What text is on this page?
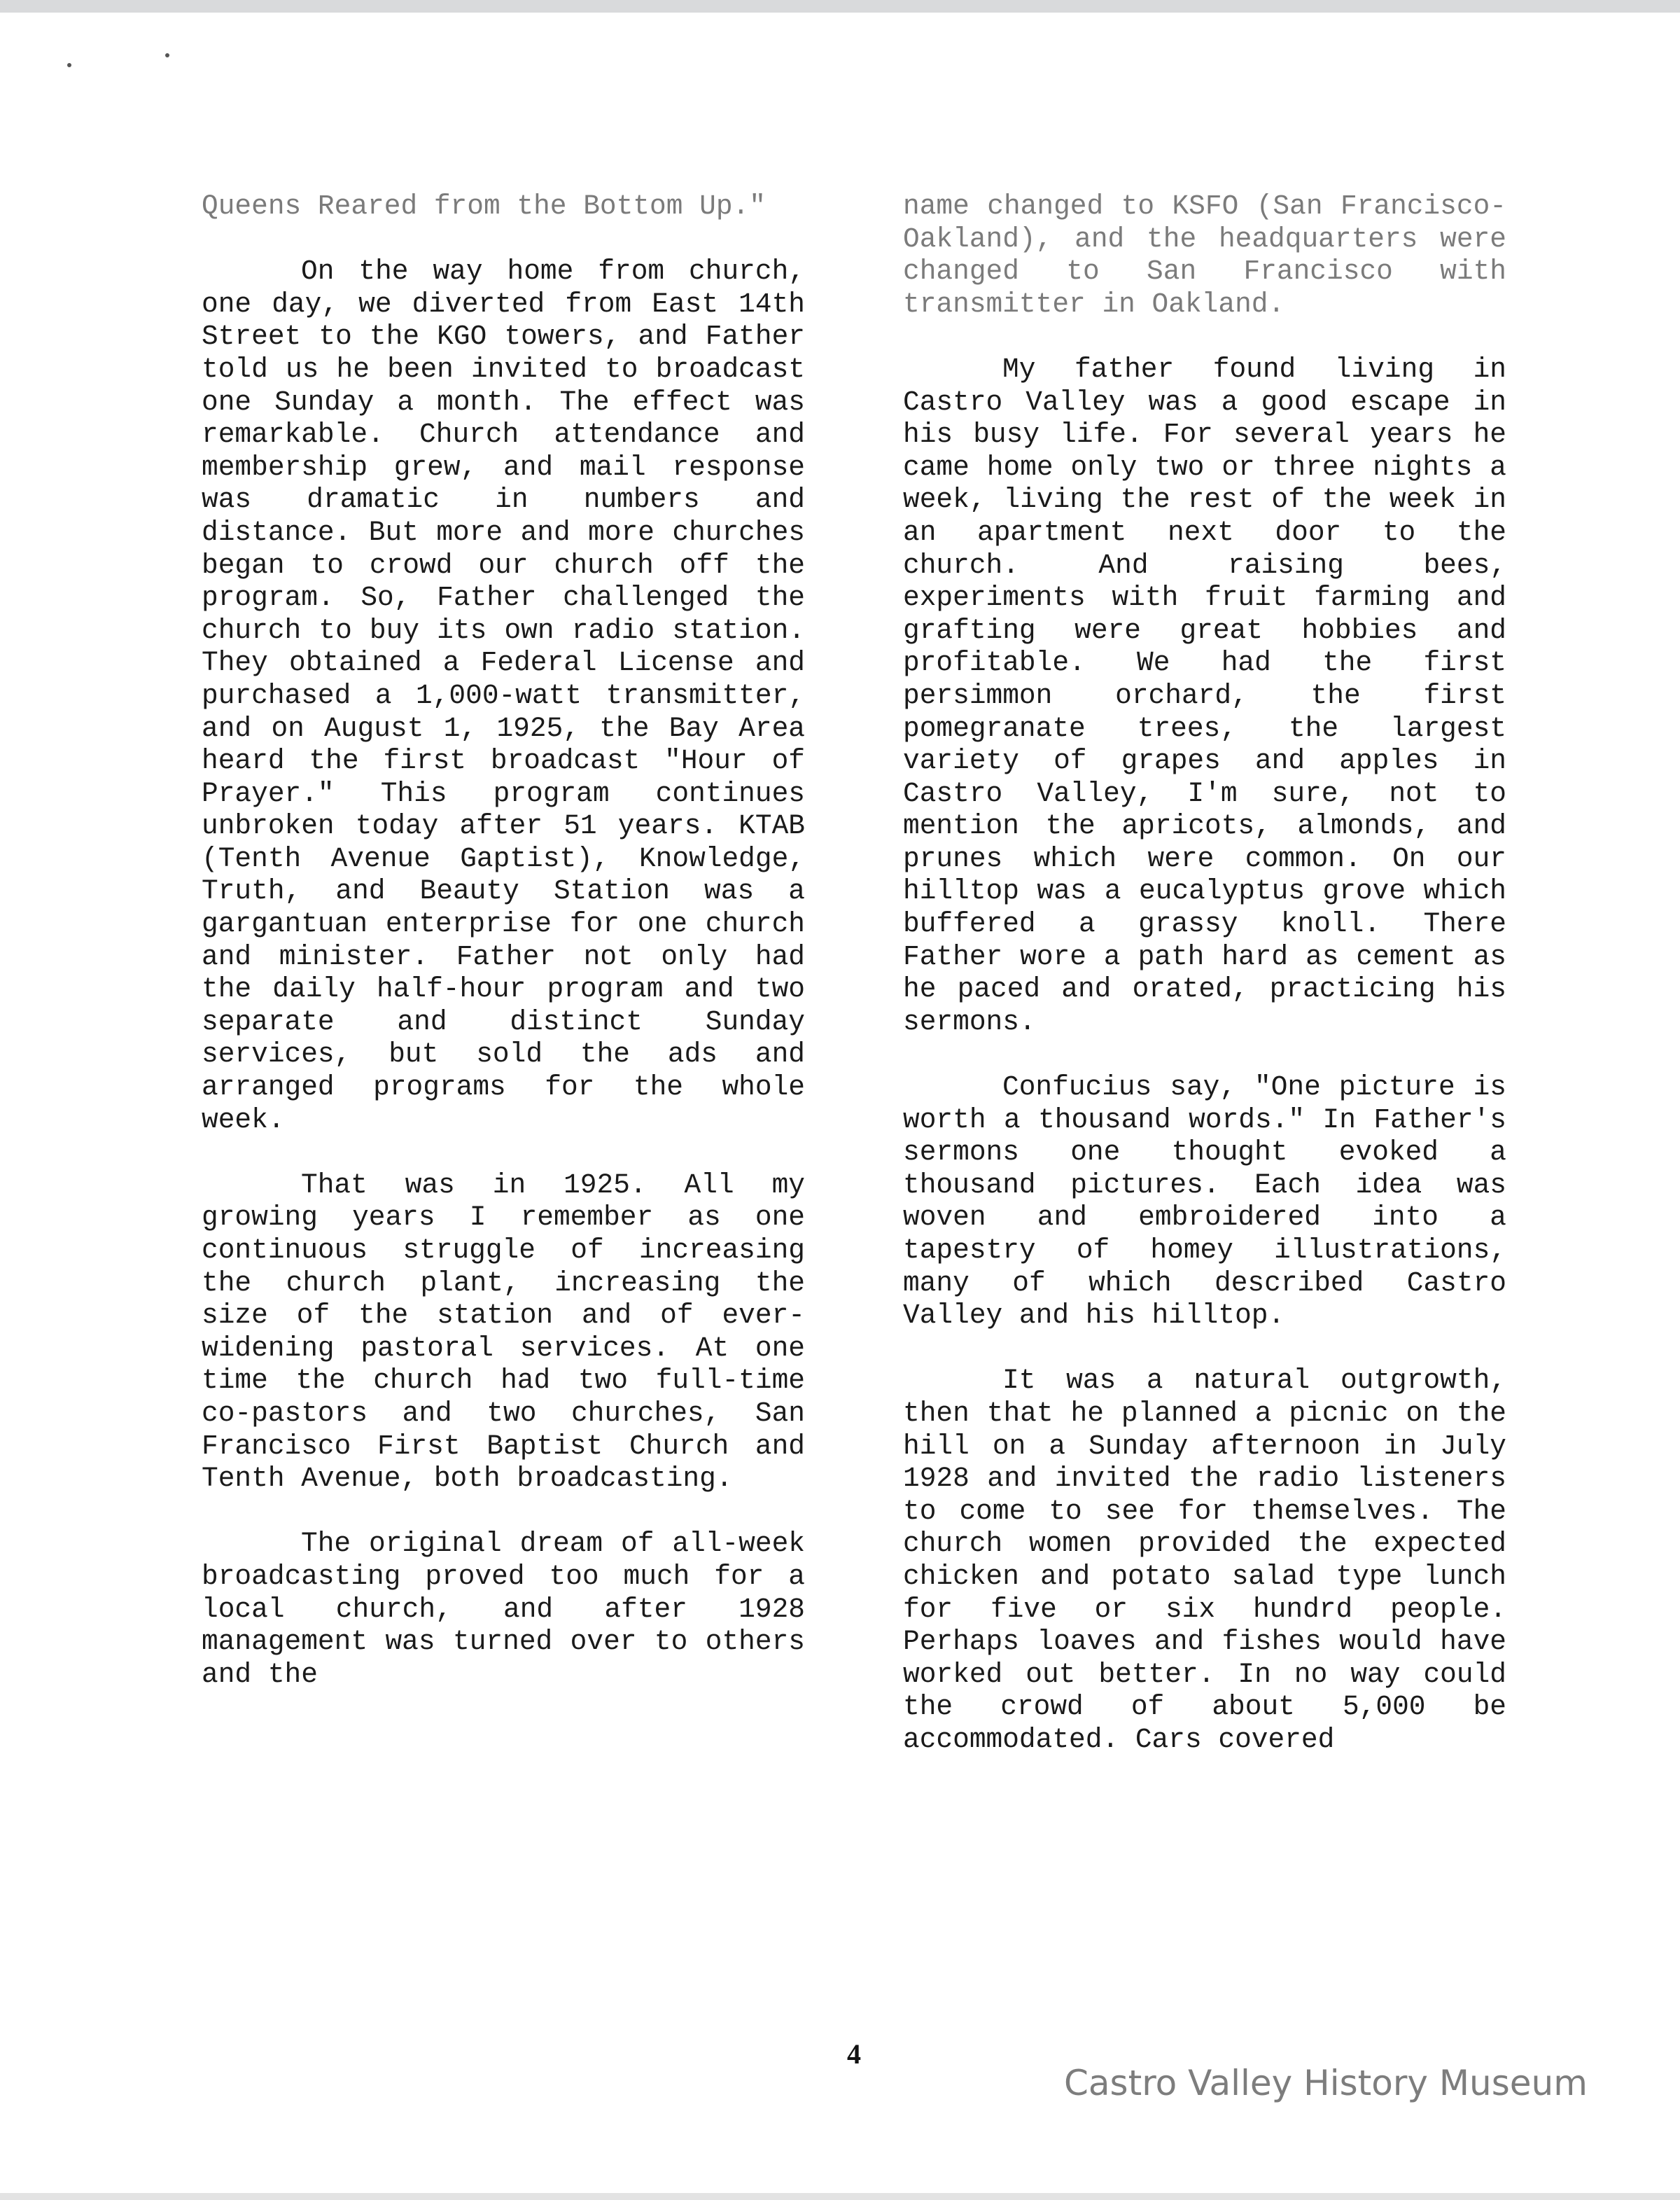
Queens Reared from the Bottom Up."

On the way home from church, one day, we diverted from East 14th Street to the KGO towers, and Father told us he been invited to broadcast one Sunday a month. The effect was remarkable. Church attendance and membership grew, and mail response was dramatic in numbers and distance. But more and more churches began to crowd our church off the program. So, Father challenged the church to buy its own radio station. They obtained a Federal License and purchased a 1,000-watt transmitter, and on August 1, 1925, the Bay Area heard the first broadcast "Hour of Prayer." This program continues unbroken today after 51 years. KTAB (Tenth Avenue Gaptist), Knowledge, Truth, and Beauty Station was a gargantuan enterprise for one church and minister. Father not only had the daily half-hour program and two separate and distinct Sunday services, but sold the ads and arranged programs for the whole week.

That was in 1925. All my growing years I remember as one continuous struggle of increasing the church plant, increasing the size of the station and of ever-widening pastoral services. At one time the church had two full-time co-pastors and two churches, San Francisco First Baptist Church and Tenth Avenue, both broadcasting.

The original dream of all-week broadcasting proved too much for a local church, and after 1928 management was turned over to others and the

name changed to KSFO (San Francisco-Oakland), and the headquarters were changed to San Francisco with transmitter in Oakland.

My father found living in Castro Valley was a good escape in his busy life. For several years he came home only two or three nights a week, living the rest of the week in an apartment next door to the church. And raising bees, experiments with fruit farming and grafting were great hobbies and profitable. We had the first persimmon orchard, the first pomegranate trees, the largest variety of grapes and apples in Castro Valley, I'm sure, not to mention the apricots, almonds, and prunes which were common. On our hilltop was a eucalyptus grove which buffered a grassy knoll. There Father wore a path hard as cement as he paced and orated, practicing his sermons.

Confucius say, "One picture is worth a thousand words." In Father's sermons one thought evoked a thousand pictures. Each idea was woven and embroidered into a tapestry of homey illustrations, many of which described Castro Valley and his hilltop.

It was a natural outgrowth, then that he planned a picnic on the hill on a Sunday afternoon in July 1928 and invited the radio listeners to come to see for themselves. The church women provided the expected chicken and potato salad type lunch for five or six hundrd people. Perhaps loaves and fishes would have worked out better. In no way could the crowd of about 5,000 be accommodated. Cars covered

4
Castro Valley History Museum
